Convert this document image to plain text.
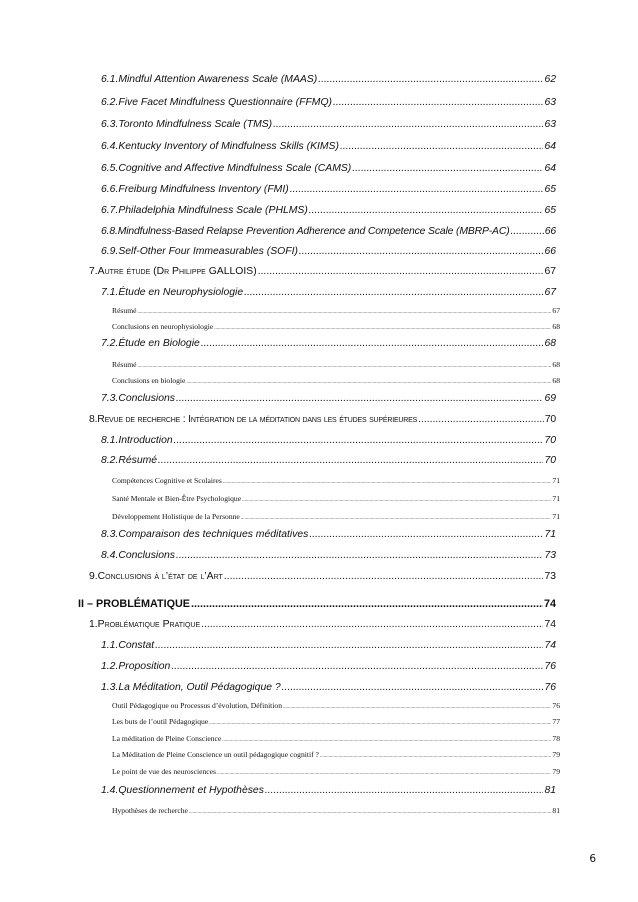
6.1. Mindful Attention Awareness Scale (MAAS) .....	62
6.2. Five Facet Mindfulness Questionnaire (FFMQ) .....	63
6.3. Toronto Mindfulness Scale (TMS) .....	63
6.4. Kentucky Inventory of Mindfulness Skills (KIMS) .....	64
6.5. Cognitive and Affective Mindfulness Scale (CAMS) .....	64
6.6. Freiburg Mindfulness Inventory (FMI) .....	65
6.7. Philadelphia Mindfulness Scale (PHLMS) .....	65
6.8. Mindfulness-Based Relapse Prevention Adherence and Competence Scale (MBRP-AC) .....	66
6.9. Self-Other Four Immeasurables (SOFI) .....	66
7. Autre étude (Dr Philippe GALLOIS) .....	67
7.1. Étude en Neurophysiologie .....	67
Résumé .....	67
Conclusions en neurophysiologie .....	68
7.2. Étude en Biologie .....	68
Résumé .....	68
Conclusions en biologie .....	68
7.3. Conclusions .....	69
8. Revue de recherche : Intégration de la méditation dans les études supérieures .....	70
8.1. Introduction .....	70
8.2. Résumé .....	70
Compétences Cognitive et Scolaires .....	71
Santé Mentale et Bien-Être Psychologique .....	71
Développement Holistique de la Personne .....	71
8.3. Comparaison des techniques méditatives .....	71
8.4. Conclusions .....	73
9. Conclusions à l’état de l’Art .....	73
II – PROBLÉMATIQUE .....	74
1. Problématique Pratique .....	74
1.1. Constat .....	74
1.2. Proposition .....	76
1.3. La Méditation, Outil Pédagogique ? .....	76
Outil Pédagogique ou Processus d’évolution, Définition .....	76
Les buts de l’outil Pédagogique .....	77
La méditation de Pleine Conscience .....	78
La Méditation de Pleine Conscience un outil pédagogique cognitif ? .....	79
Le point de vue des neurosciences .....	79
1.4. Questionnement et Hypothèses .....	81
Hypothèses de recherche .....	81
6
